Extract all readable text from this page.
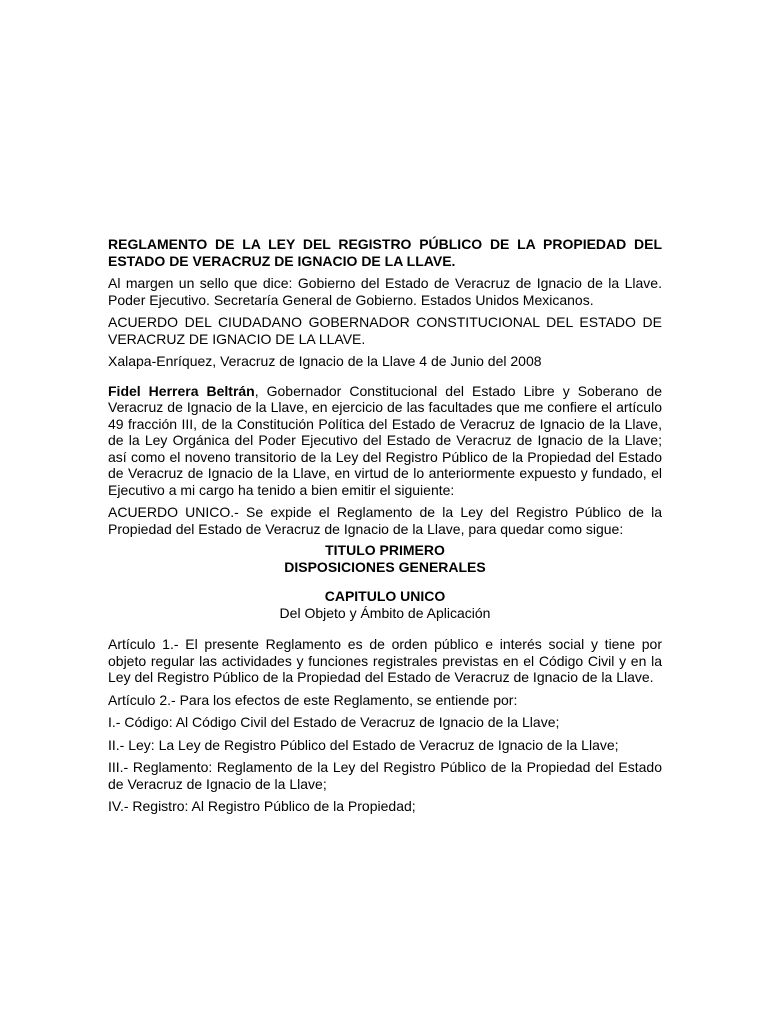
REGLAMENTO DE LA LEY DEL REGISTRO PÚBLICO DE LA PROPIEDAD DEL ESTADO DE VERACRUZ DE IGNACIO DE LA LLAVE.

Al margen un sello que dice: Gobierno del Estado de Veracruz de Ignacio de la Llave. Poder Ejecutivo. Secretaría General de Gobierno. Estados Unidos Mexicanos.

ACUERDO DEL CIUDADANO GOBERNADOR CONSTITUCIONAL DEL ESTADO DE VERACRUZ DE IGNACIO DE LA LLAVE.

Xalapa-Enríquez, Veracruz de Ignacio de la Llave 4 de Junio del 2008

Fidel Herrera Beltrán, Gobernador Constitucional del Estado Libre y Soberano de Veracruz de Ignacio de la Llave, en ejercicio de las facultades que me confiere el artículo 49 fracción III, de la Constitución Política del Estado de Veracruz de Ignacio de la Llave, de la Ley Orgánica del Poder Ejecutivo del Estado de Veracruz de Ignacio de la Llave; así como el noveno transitorio de la Ley del Registro Público de la Propiedad del Estado de Veracruz de Ignacio de la Llave, en virtud de lo anteriormente expuesto y fundado, el Ejecutivo a mi cargo ha tenido a bien emitir el siguiente:

ACUERDO UNICO.- Se expide el Reglamento de la Ley del Registro Público de la Propiedad del Estado de Veracruz de Ignacio de la Llave, para quedar como sigue:

TITULO PRIMERO

DISPOSICIONES GENERALES

CAPITULO UNICO

Del Objeto y Ámbito de Aplicación

Artículo 1.- El presente Reglamento es de orden público e interés social y tiene por objeto regular las actividades y funciones registrales previstas en el Código Civil y en la Ley del Registro Público de la Propiedad del Estado de Veracruz de Ignacio de la Llave.

Artículo 2.- Para los efectos de este Reglamento, se entiende por:

I.- Código: Al Código Civil del Estado de Veracruz de Ignacio de la Llave;

II.- Ley: La Ley de Registro Público del Estado de Veracruz de Ignacio de la Llave;

III.- Reglamento: Reglamento de la Ley del Registro Público de la Propiedad del Estado de Veracruz de Ignacio de la Llave;

IV.- Registro: Al Registro Público de la Propiedad;
